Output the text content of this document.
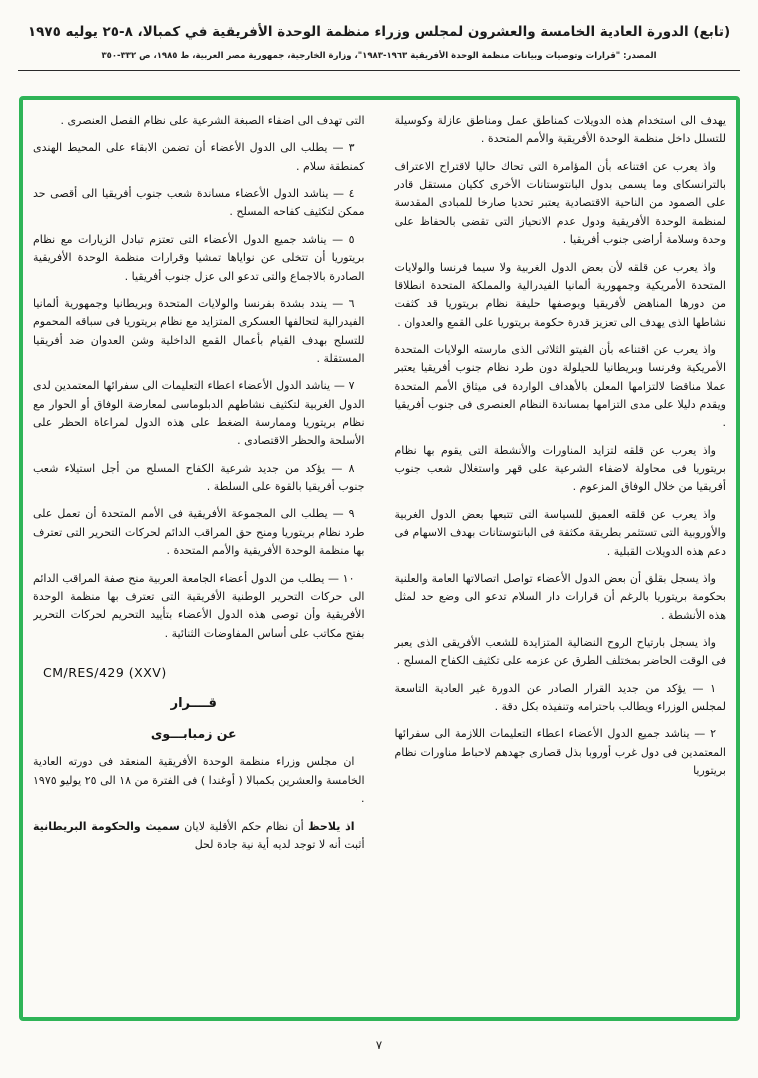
(تابع) الدورة العادية الخامسة والعشرون لمجلس وزراء منظمة الوحدة الأفريقية في كمبالا، ٨-٢٥ يوليه ١٩٧٥
المصدر: "قرارات وتوصيات وبيانات منظمة الوحدة الأفريقية ١٩٦٣-١٩٨٣"، وزارة الخارجية، جمهورية مصر العربية، ط ١٩٨٥، ص ٣٣٢-٣٥٠

يهدف الى استخدام هذه الدويلات كمناطق عمل ومناطق عازلة وكوسيلة للتسلل داخل منظمة الوحدة الأفريقية والأمم المتحدة .

واذ يعرب عن اقتناعه بأن المؤامرة التى تحاك حاليا لاقتراح الاعتراف بالترانسكاى وما يسمى بدول البانتوستانات الأخرى ككيان مستقل قادر على الصمود من الناحية الاقتصادية يعتبر تحديا صارخا للمبادى المقدسة لمنظمة الوحدة الأفريقية ودول عدم الانحياز التى تقضى بالحفاظ على وحدة وسلامة أراضى جنوب أفريقيا .

واذ يعرب عن قلقه لأن بعض الدول الغربية ولا سيما فرنسا والولايات المتحدة الأمريكية وجمهورية ألمانيا الفيدرالية والمملكة المتحدة انطلاقا من دورها المناهض لأفريقيا وبوصفها حليفة نظام بريتوريا قد كثفت نشاطها الذى يهدف الى تعزيز قدرة حكومة بريتوريا على القمع والعدوان .

واذ يعرب عن اقتناعه بأن الفيتو الثلاثى الذى مارسته الولايات المتحدة الأمريكية وفرنسا وبريطانيا للحيلولة دون طرد نظام جنوب أفريقيا يعتبر عملا مناقضا لالتزامها المعلن بالأهداف الواردة فى ميثاق الأمم المتحدة ويقدم دليلا على مدى التزامها بمساندة النظام العنصرى فى جنوب أفريقيا .

واذ يعرب عن قلقه لتزايد المناورات والأنشطة التى يقوم بها نظام بريتوريا فى محاولة لاضفاء الشرعية على قهر واستغلال شعب جنوب أفريقيا من خلال الوفاق المزعوم .

واذ يعرب عن قلقه العميق للسياسة التى تتبعها بعض الدول الغربية والأوروبية التى تستثمر بطريقة مكثفة فى البانتوستانات بهدف الاسهام فى دعم هذه الدويلات القبلية .

واذ يسجل بقلق أن بعض الدول الأعضاء تواصل اتصالاتها العامة والعلنية بحكومة بريتوريا بالرغم أن قرارات دار السلام تدعو الى وضع حد لمثل هذه الأنشطة .

واذ يسجل بارتياح الروح النضالية المتزايدة للشعب الأفريقى الذى يعبر فى الوقت الحاضر بمختلف الطرق عن عزمه على تكثيف الكفاح المسلح .

١ — يؤكد من جديد القرار الصادر عن الدورة غير العادية التاسعة لمجلس الوزراء ويطالب باحترامه وتنفيذه بكل دقة .

٢ — يناشد جميع الدول الأعضاء اعطاء التعليمات اللازمة الى سفرائها المعتمدين فى دول غرب أوروبا بذل قصارى جهدهم لاحباط مناورات نظام بريتوريا

التى تهدف الى اضفاء الصبغة الشرعية على نظام الفصل العنصرى .

٣ — يطلب الى الدول الأعضاء أن تضمن الابقاء على المحيط الهندى كمنطقة سلام .

٤ — يناشد الدول الأعضاء مساندة شعب جنوب أفريقيا الى أقصى حد ممكن لتكثيف كفاحه المسلح .

٥ — يناشد جميع الدول الأعضاء التى تعتزم تبادل الزيارات مع نظام بريتوريا أن تتخلى عن نواياها تمشيا وقرارات منظمة الوحدة الأفريقية الصادرة بالاجماع والتى تدعو الى عزل جنوب أفريقيا .

٦ — يندد بشدة بفرنسا والولايات المتحدة وبريطانيا وجمهورية ألمانيا الفيدرالية لتحالفها العسكرى المتزايد مع نظام بريتوريا فى سباقه المحموم للتسلح بهدف القيام بأعمال القمع الداخلية وشن العدوان ضد أفريقيا المستقلة .

٧ — يناشد الدول الأعضاء اعطاء التعليمات الى سفرائها المعتمدين لدى الدول الغربية لتكثيف نشاطهم الدبلوماسى لمعارضة الوفاق أو الحوار مع نظام بريتوريا وممارسة الضغط على هذه الدول لمراعاة الحظر على الأسلحة والحظر الاقتصادى .

٨ — يؤكد من جديد شرعية الكفاح المسلح من أجل استيلاء شعب جنوب أفريقيا بالقوة على السلطة .

٩ — يطلب الى المجموعة الأفريقية فى الأمم المتحدة أن تعمل على طرد نظام بريتوريا ومنح حق المراقب الدائم لحركات التحرير التى تعترف بها منظمة الوحدة الأفريقية والأمم المتحدة .

١٠ — يطلب من الدول أعضاء الجامعة العربية منح صفة المراقب الدائم الى حركات التحرير الوطنية الأفريقية التى تعترف بها منظمة الوحدة الأفريقية وأن توصى هذه الدول الأعضاء بتأييد التحريم لحركات التحرير بفتح مكاتب على أساس المفاوضات الثنائية .

CM/RES/429 (XXV)

قــــرار

عن زمبابـــوى

ان مجلس وزراء منظمة الوحدة الأفريقية المنعقد فى دورته العادية الخامسة والعشرين بكمبالا ( أوغندا ) فى الفترة من ١٨ الى ٢٥ يوليو ١٩٧٥ .

اذ يلاحظ أن نظام حكم الأقلية لايان سميث والحكومة البريطانية أثبت أنه لا توجد لديه أية نية جادة لحل

٧
